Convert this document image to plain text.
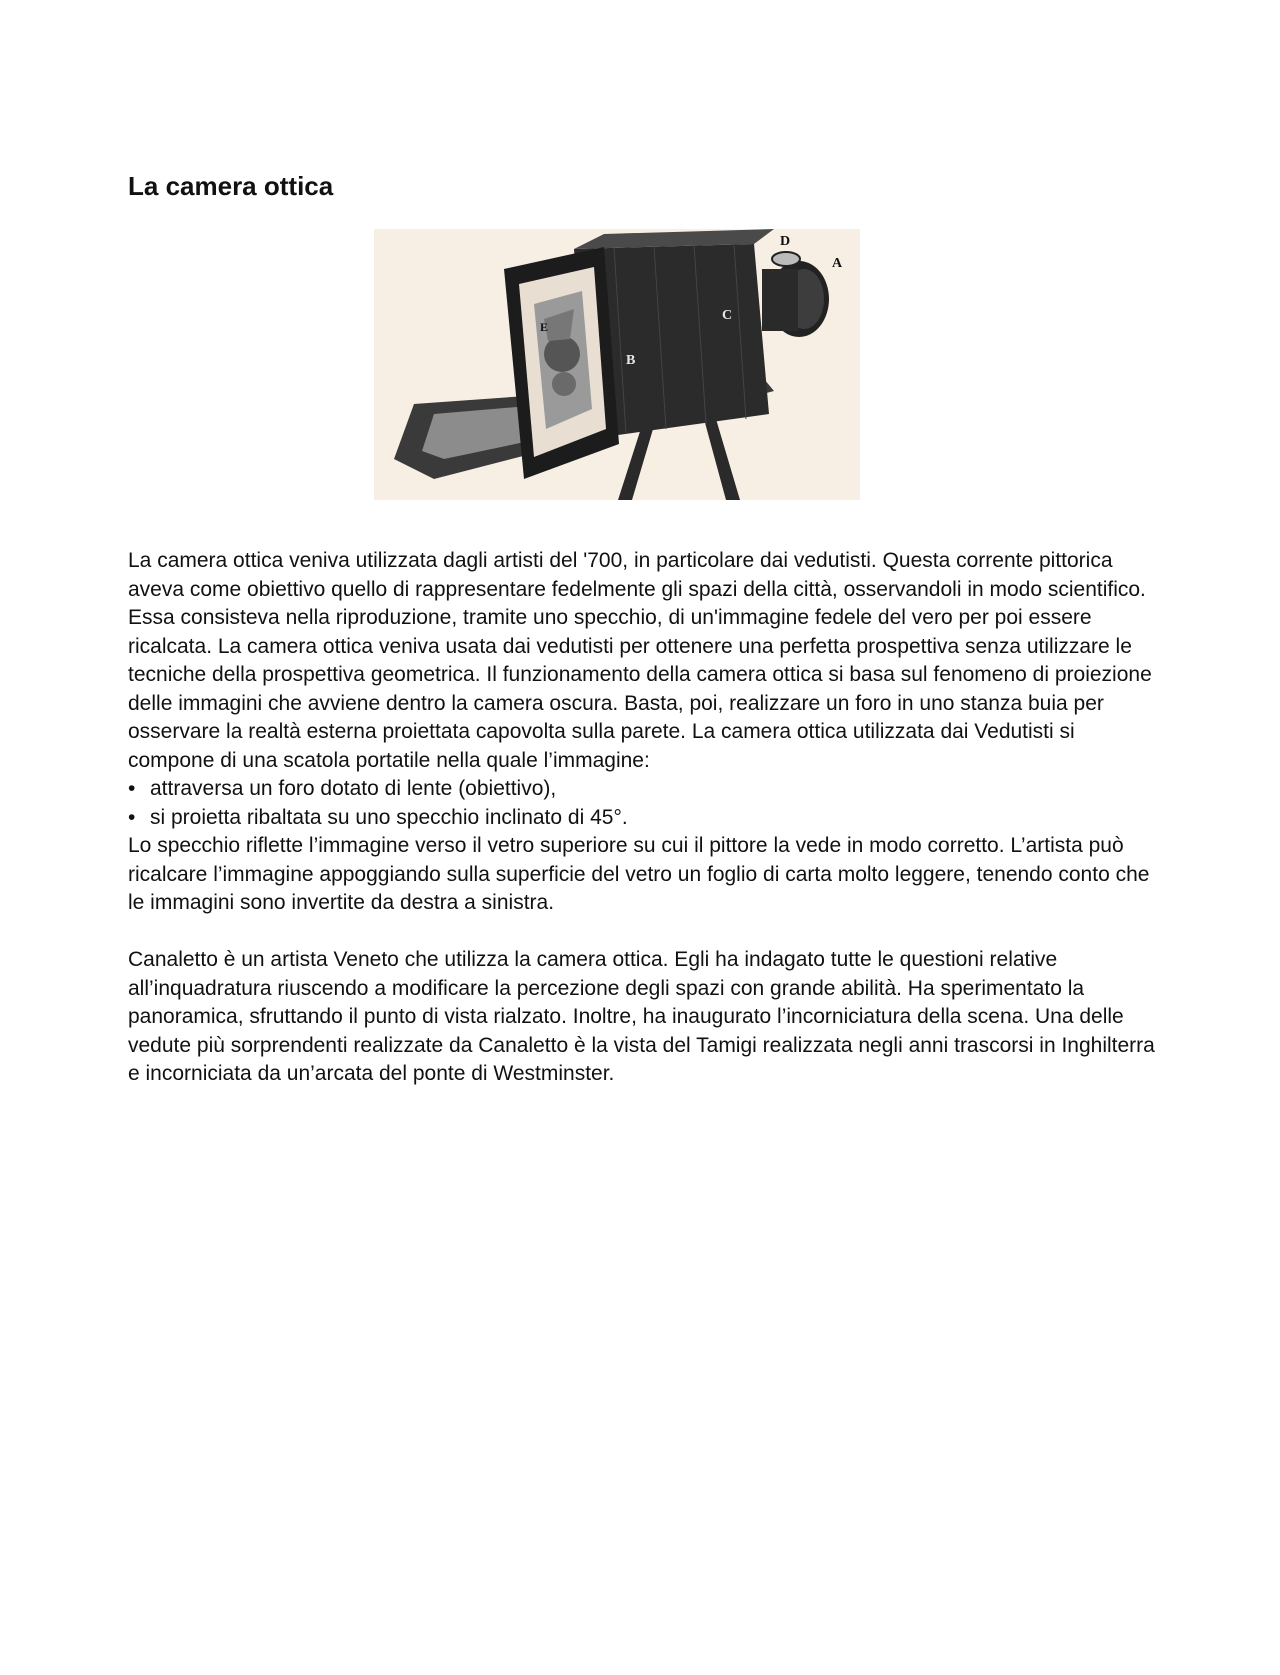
La camera ottica
D
A
C
B
E

La camera ottica veniva utilizzata dagli artisti del '700, in particolare dai vedutisti. Questa corrente pittorica aveva come obiettivo quello di rappresentare fedelmente gli spazi della città, osservandoli in modo scientifico. Essa consisteva nella riproduzione, tramite uno specchio, di un'immagine fedele del vero per poi essere ricalcata. La camera ottica veniva usata dai vedutisti per ottenere una perfetta prospettiva senza utilizzare le tecniche della prospettiva geometrica. Il funzionamento della camera ottica si basa sul fenomeno di proiezione delle immagini che avviene dentro la camera oscura. Basta, poi, realizzare un foro in uno stanza buia per osservare la realtà esterna proiettata capovolta sulla parete. La camera ottica utilizzata dai Vedutisti si compone di una scatola portatile nella quale l’immagine:

• attraversa un foro dotato di lente (obiettivo),
• si proietta ribaltata su uno specchio inclinato di 45°.

Lo specchio riflette l’immagine verso il vetro superiore su cui il pittore la vede in modo corretto. L’artista può ricalcare l’immagine appoggiando sulla superficie del vetro un foglio di carta molto leggere, tenendo conto che le immagini sono invertite da destra a sinistra.

Canaletto è un artista Veneto che utilizza la camera ottica. Egli ha indagato tutte le questioni relative all’inquadratura riuscendo a modificare la percezione degli spazi con grande abilità. Ha sperimentato la panoramica, sfruttando il punto di vista rialzato. Inoltre, ha inaugurato l’incorniciatura della scena. Una delle vedute più sorprendenti realizzate da Canaletto è la vista del Tamigi realizzata negli anni trascorsi in Inghilterra e incorniciata da un’arcata del ponte di Westminster.
